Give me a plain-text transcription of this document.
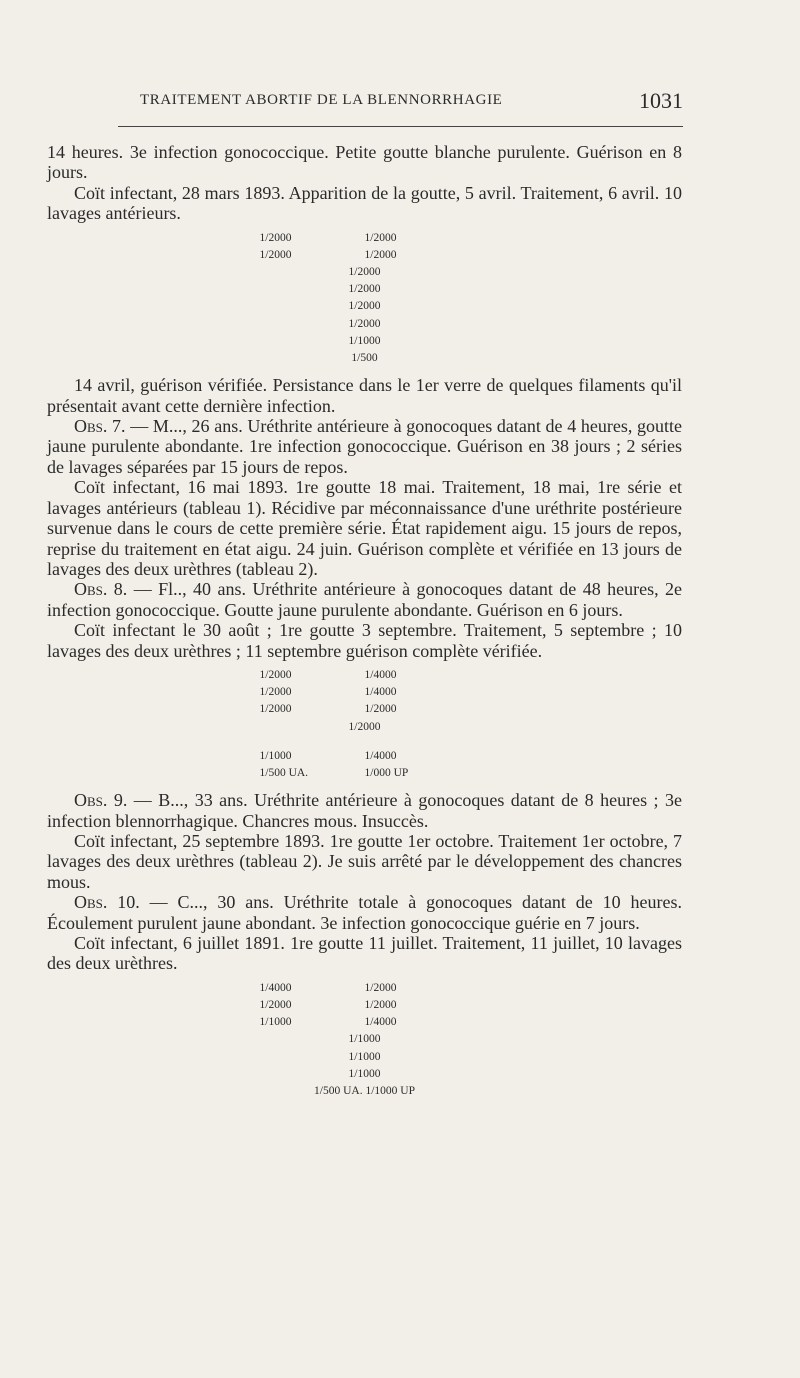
TRAITEMENT ABORTIF DE LA BLENNORRHAGIE	1031

14 heures. 3e infection gonococcique. Petite goutte blanche purulente. Guérison en 8 jours.

Coït infectant, 28 mars 1893. Apparition de la goutte, 5 avril. Traitement, 6 avril. 10 lavages antérieurs.

1/2000	1/2000
1/2000	1/2000
1/2000
1/2000
1/2000
1/2000
1/1000
1/500

14 avril, guérison vérifiée. Persistance dans le 1er verre de quelques filaments qu'il présentait avant cette dernière infection.

Obs. 7. — M..., 26 ans. Uréthrite antérieure à gonocoques datant de 4 heures, goutte jaune purulente abondante. 1re infection gonococcique. Guérison en 38 jours ; 2 séries de lavages séparées par 15 jours de repos.

Coït infectant, 16 mai 1893. 1re goutte 18 mai. Traitement, 18 mai, 1re série et lavages antérieurs (tableau 1). Récidive par méconnaissance d'une uréthrite postérieure survenue dans le cours de cette première série. État rapidement aigu. 15 jours de repos, reprise du traitement en état aigu. 24 juin. Guérison complète et vérifiée en 13 jours de lavages des deux urèthres (tableau 2).

Obs. 8. — Fl.., 40 ans. Uréthrite antérieure à gonocoques datant de 48 heures, 2e infection gonococcique. Goutte jaune purulente abondante. Guérison en 6 jours.

Coït infectant le 30 août ; 1re goutte 3 septembre. Traitement, 5 septembre ; 10 lavages des deux urèthres ; 11 septembre guérison complète vérifiée.

1/2000	1/4000
1/2000	1/4000
1/2000	1/2000
1/2000
1/1000	1/4000
1/500 UA.	1/000 UP

Obs. 9. — B..., 33 ans. Uréthrite antérieure à gonocoques datant de 8 heures ; 3e infection blennorrhagique. Chancres mous. Insuccès.

Coït infectant, 25 septembre 1893. 1re goutte 1er octobre. Traitement 1er octobre, 7 lavages des deux urèthres (tableau 2). Je suis arrêté par le développement des chancres mous.

Obs. 10. — C..., 30 ans. Uréthrite totale à gonocoques datant de 10 heures. Écoulement purulent jaune abondant. 3e infection gonococcique guérie en 7 jours.

Coït infectant, 6 juillet 1891. 1re goutte 11 juillet. Traitement, 11 juillet, 10 lavages des deux urèthres.

1/4000	1/2000
1/2000	1/2000
1/1000	1/4000
1/1000
1/1000
1/1000
1/500 UA. 1/1000 UP
